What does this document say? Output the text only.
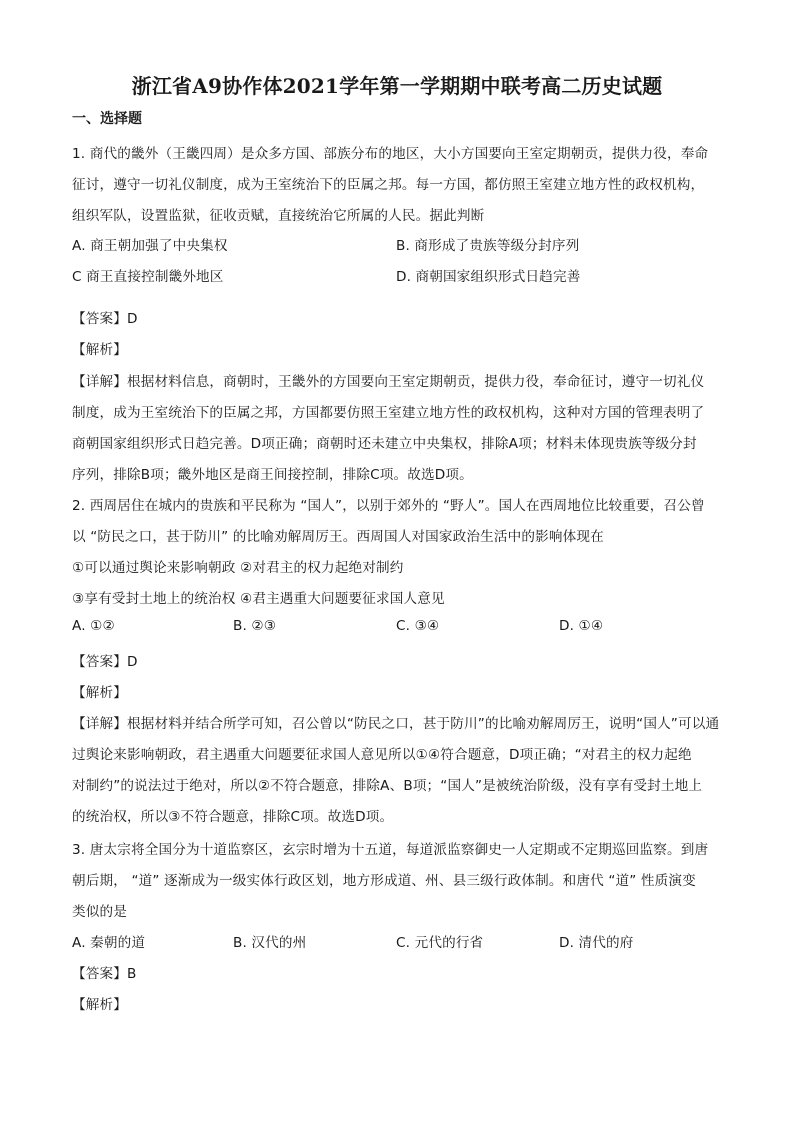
浙江省A9协作体2021学年第一学期期中联考高二历史试题
一、选择题
1. 商代的畿外（王畿四周）是众多方国、部族分布的地区，大小方国要向王室定期朝贡，提供力役，奉命
征讨，遵守一切礼仪制度，成为王室统治下的臣属之邦。每一方国，都仿照王室建立地方性的政权机构，
组织军队，设置监狱，征收贡赋，直接统治它所属的人民。据此判断
A. 商王朝加强了中央集权	B. 商形成了贵族等级分封序列
C 商王直接控制畿外地区	D. 商朝国家组织形式日趋完善
【答案】D
【解析】
【详解】根据材料信息，商朝时，王畿外的方国要向王室定期朝贡，提供力役，奉命征讨，遵守一切礼仪
制度，成为王室统治下的臣属之邦，方国都要仿照王室建立地方性的政权机构，这种对方国的管理表明了
商朝国家组织形式日趋完善。D项正确；商朝时还未建立中央集权，排除A项；材料未体现贵族等级分封
序列，排除B项；畿外地区是商王间接控制，排除C项。故选D项。
2. 西周居住在城内的贵族和平民称为 “国人”，以别于郊外的 “野人”。国人在西周地位比较重要，召公曾
以 “防民之口，甚于防川” 的比喻劝解周厉王。西周国人对国家政治生活中的影响体现在
①可以通过舆论来影响朝政 ②对君主的权力起绝对制约
③享有受封土地上的统治权 ④君主遇重大问题要征求国人意见
A. ①②	B. ②③	C. ③④	D. ①④
【答案】D
【解析】
【详解】根据材料并结合所学可知，召公曾以“防民之口，甚于防川”的比喻劝解周厉王，说明“国人”可以通
过舆论来影响朝政，君主遇重大问题要征求国人意见所以①④符合题意，D项正确；“对君主的权力起绝
对制约”的说法过于绝对，所以②不符合题意，排除A、B项；“国人”是被统治阶级，没有享有受封土地上
的统治权，所以③不符合题意，排除C项。故选D项。
3. 唐太宗将全国分为十道监察区，玄宗时增为十五道，每道派监察御史一人定期或不定期巡回监察。到唐
朝后期， “道” 逐渐成为一级实体行政区划，地方形成道、州、县三级行政体制。和唐代 “道” 性质演变
类似的是
A. 秦朝的道	B. 汉代的州	C. 元代的行省	D. 清代的府
【答案】B
【解析】
